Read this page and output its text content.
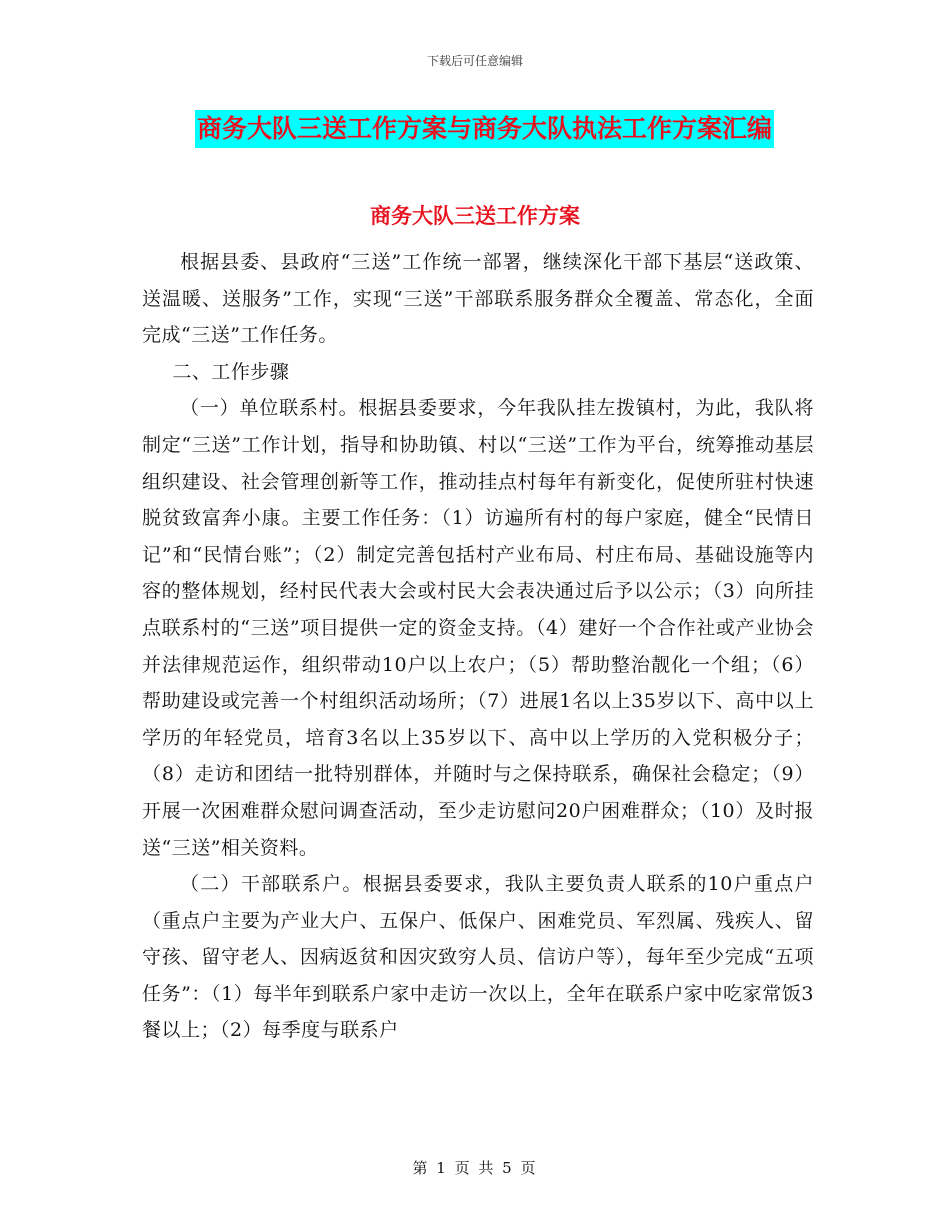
下载后可任意编辑
商务大队三送工作方案与商务大队执法工作方案汇编
商务大队三送工作方案

根据县委、县政府“三送”工作统一部署，继续深化干部下基层“送政策、送温暖、送服务”工作，实现“三送”干部联系服务群众全覆盖、常态化，全面完成“三送”工作任务。

二、工作步骤

（一）单位联系村。根据县委要求，今年我队挂左拨镇村，为此，我队将制定“三送”工作计划，指导和协助镇、村以“三送”工作为平台，统筹推动基层组织建设、社会管理创新等工作，推动挂点村每年有新变化，促使所驻村快速脱贫致富奔小康。主要工作任务：（1）访遍所有村的每户家庭，健全“民情日记”和“民情台账”；（2）制定完善包括村产业布局、村庄布局、基础设施等内容的整体规划，经村民代表大会或村民大会表决通过后予以公示；（3）向所挂点联系村的“三送”项目提供一定的资金支持。（4）建好一个合作社或产业协会并法律规范运作，组织带动10户以上农户；（5）帮助整治靓化一个组；（6）帮助建设或完善一个村组织活动场所；（7）进展1名以上35岁以下、高中以上学历的年轻党员，培育3名以上35岁以下、高中以上学历的入党积极分子；（8）走访和团结一批特别群体，并随时与之保持联系，确保社会稳定；（9）开展一次困难群众慰问调查活动，至少走访慰问20户困难群众；（10）及时报送“三送”相关资料。

（二）干部联系户。根据县委要求，我队主要负责人联系的10户重点户（重点户主要为产业大户、五保户、低保户、困难党员、军烈属、残疾人、留守孩、留守老人、因病返贫和因灾致穷人员、信访户等），每年至少完成“五项任务”：（1）每半年到联系户家中走访一次以上，全年在联系户家中吃家常饭3餐以上；（2）每季度与联系户

第 1 页 共 5 页
